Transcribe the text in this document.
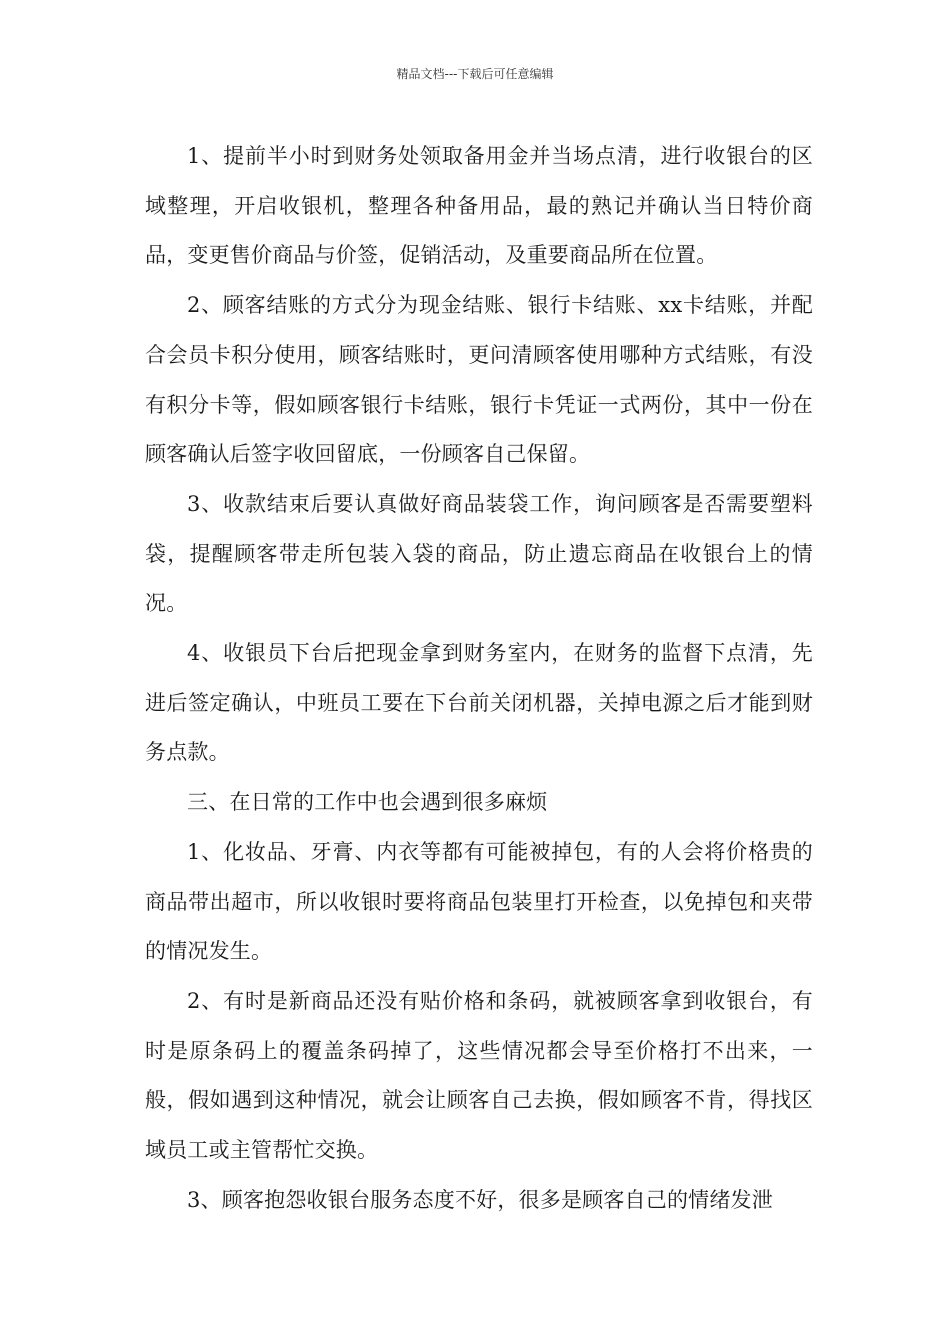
精品文档---下载后可任意编辑

1、提前半小时到财务处领取备用金并当场点清，进行收银台的区域整理，开启收银机，整理各种备用品，最的熟记并确认当日特价商品，变更售价商品与价签，促销活动，及重要商品所在位置。

2、顾客结账的方式分为现金结账、银行卡结账、xx卡结账，并配合会员卡积分使用，顾客结账时，更问清顾客使用哪种方式结账，有没有积分卡等，假如顾客银行卡结账，银行卡凭证一式两份，其中一份在顾客确认后签字收回留底，一份顾客自己保留。

3、收款结束后要认真做好商品装袋工作，询问顾客是否需要塑料袋，提醒顾客带走所包装入袋的商品，防止遗忘商品在收银台上的情况。

4、收银员下台后把现金拿到财务室内，在财务的监督下点清，先进后签定确认，中班员工要在下台前关闭机器，关掉电源之后才能到财务点款。

三、在日常的工作中也会遇到很多麻烦

1、化妆品、牙膏、内衣等都有可能被掉包，有的人会将价格贵的商品带出超市，所以收银时要将商品包装里打开检查，以免掉包和夹带的情况发生。

2、有时是新商品还没有贴价格和条码，就被顾客拿到收银台，有时是原条码上的覆盖条码掉了，这些情况都会导至价格打不出来，一般，假如遇到这种情况，就会让顾客自己去换，假如顾客不肯，得找区域员工或主管帮忙交换。

3、顾客抱怨收银台服务态度不好，很多是顾客自己的情绪发泄
